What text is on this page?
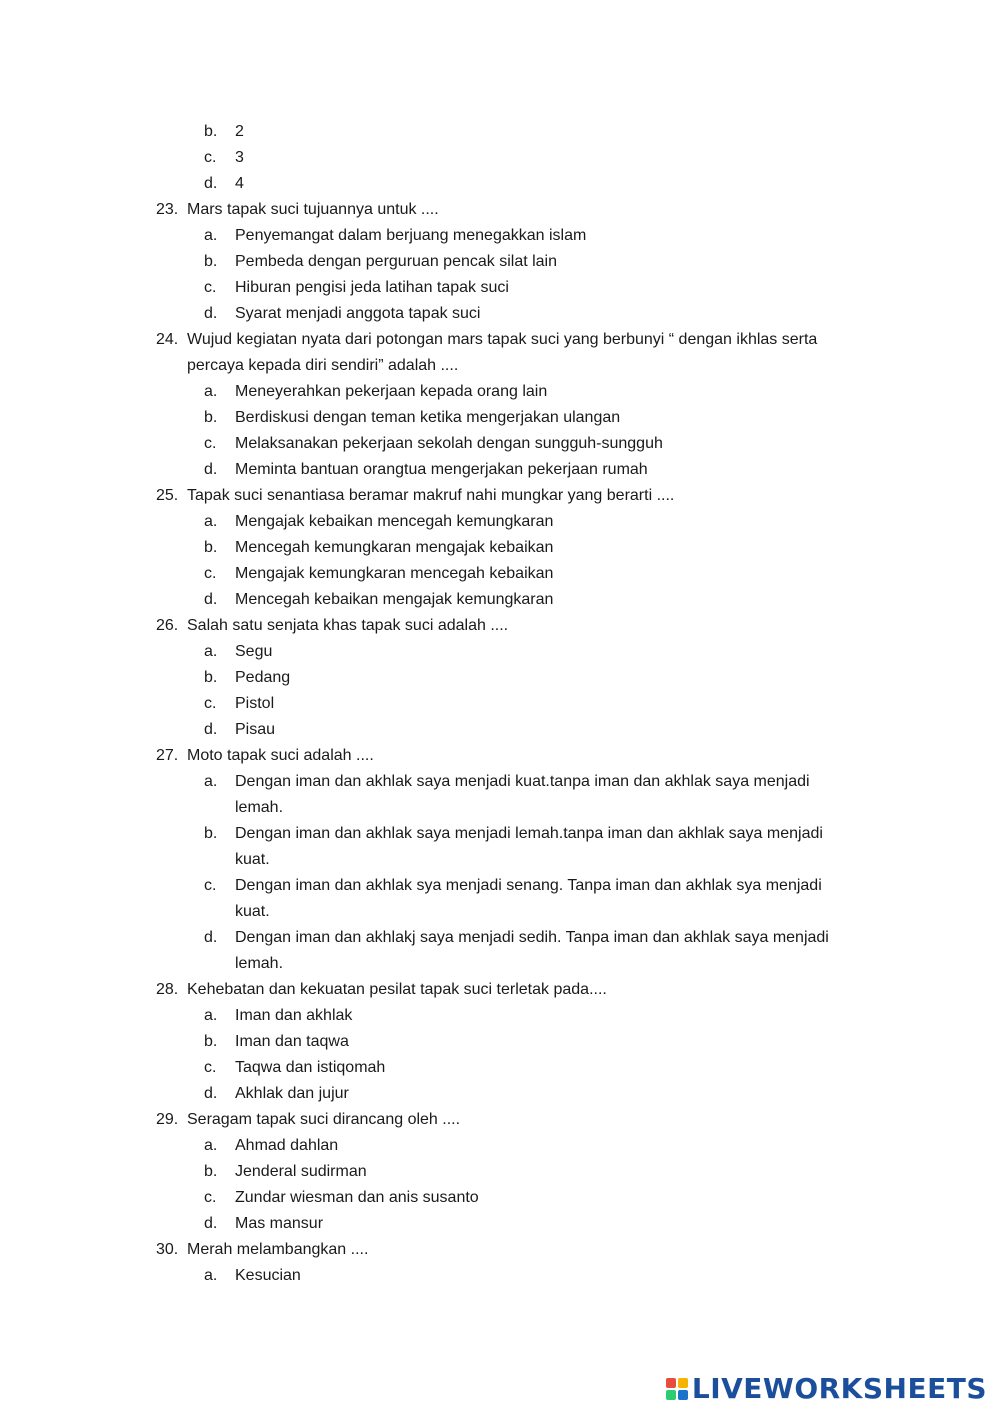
b. 2
c. 3
d. 4
23. Mars tapak suci tujuannya untuk ....
a. Penyemangat dalam berjuang menegakkan islam
b. Pembeda dengan perguruan pencak silat lain
c. Hiburan pengisi jeda latihan tapak suci
d. Syarat menjadi anggota tapak suci
24. Wujud kegiatan nyata dari potongan mars tapak suci yang berbunyi “ dengan ikhlas serta
percaya kepada diri sendiri” adalah ....
a. Meneyerahkan pekerjaan kepada orang lain
b. Berdiskusi dengan teman ketika mengerjakan ulangan
c. Melaksanakan pekerjaan sekolah dengan sungguh-sungguh
d. Meminta bantuan orangtua mengerjakan pekerjaan rumah
25. Tapak suci senantiasa beramar makruf nahi mungkar yang berarti ....
a. Mengajak kebaikan mencegah kemungkaran
b. Mencegah kemungkaran mengajak kebaikan
c. Mengajak kemungkaran mencegah kebaikan
d. Mencegah kebaikan mengajak kemungkaran
26. Salah satu senjata khas tapak suci adalah ....
a. Segu
b. Pedang
c. Pistol
d. Pisau
27. Moto tapak suci adalah ....
a. Dengan iman dan akhlak saya menjadi kuat.tanpa iman dan akhlak saya menjadi
lemah.
b. Dengan iman dan akhlak saya menjadi lemah.tanpa iman dan akhlak saya menjadi
kuat.
c. Dengan iman dan akhlak sya menjadi senang. Tanpa iman dan akhlak sya menjadi
kuat.
d. Dengan iman dan akhlakj saya menjadi sedih. Tanpa iman dan akhlak saya menjadi
lemah.
28. Kehebatan dan kekuatan pesilat tapak suci terletak pada....
a. Iman dan akhlak
b. Iman dan taqwa
c. Taqwa dan istiqomah
d. Akhlak dan jujur
29. Seragam tapak suci dirancang oleh ....
a. Ahmad dahlan
b. Jenderal sudirman
c. Zundar wiesman dan anis susanto
d. Mas mansur
30. Merah melambangkan ....
a. Kesucian
LIVEWORKSHEETS
